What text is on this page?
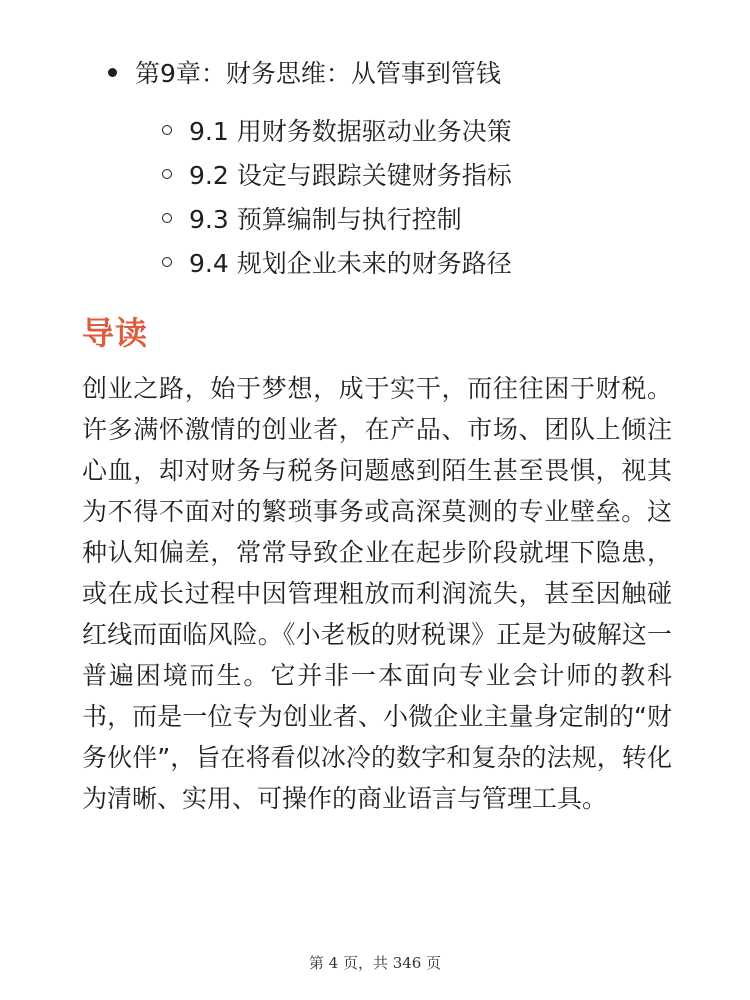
第9章：财务思维：从管事到管钱
9.1 用财务数据驱动业务决策
9.2 设定与跟踪关键财务指标
9.3 预算编制与执行控制
9.4 规划企业未来的财务路径
导读

创业之路，始于梦想，成于实干，而往往困于财税。许多满怀激情的创业者，在产品、市场、团队上倾注心血，却对财务与税务问题感到陌生甚至畏惧，视其为不得不面对的繁琐事务或高深莫测的专业壁垒。这种认知偏差，常常导致企业在起步阶段就埋下隐患，或在成长过程中因管理粗放而利润流失，甚至因触碰红线而面临风险。《小老板的财税课》正是为破解这一普遍困境而生。它并非一本面向专业会计师的教科书，而是一位专为创业者、小微企业主量身定制的“财务伙伴”，旨在将看似冰冷的数字和复杂的法规，转化为清晰、实用、可操作的商业语言与管理工具。

第 4 页，共 346 页
